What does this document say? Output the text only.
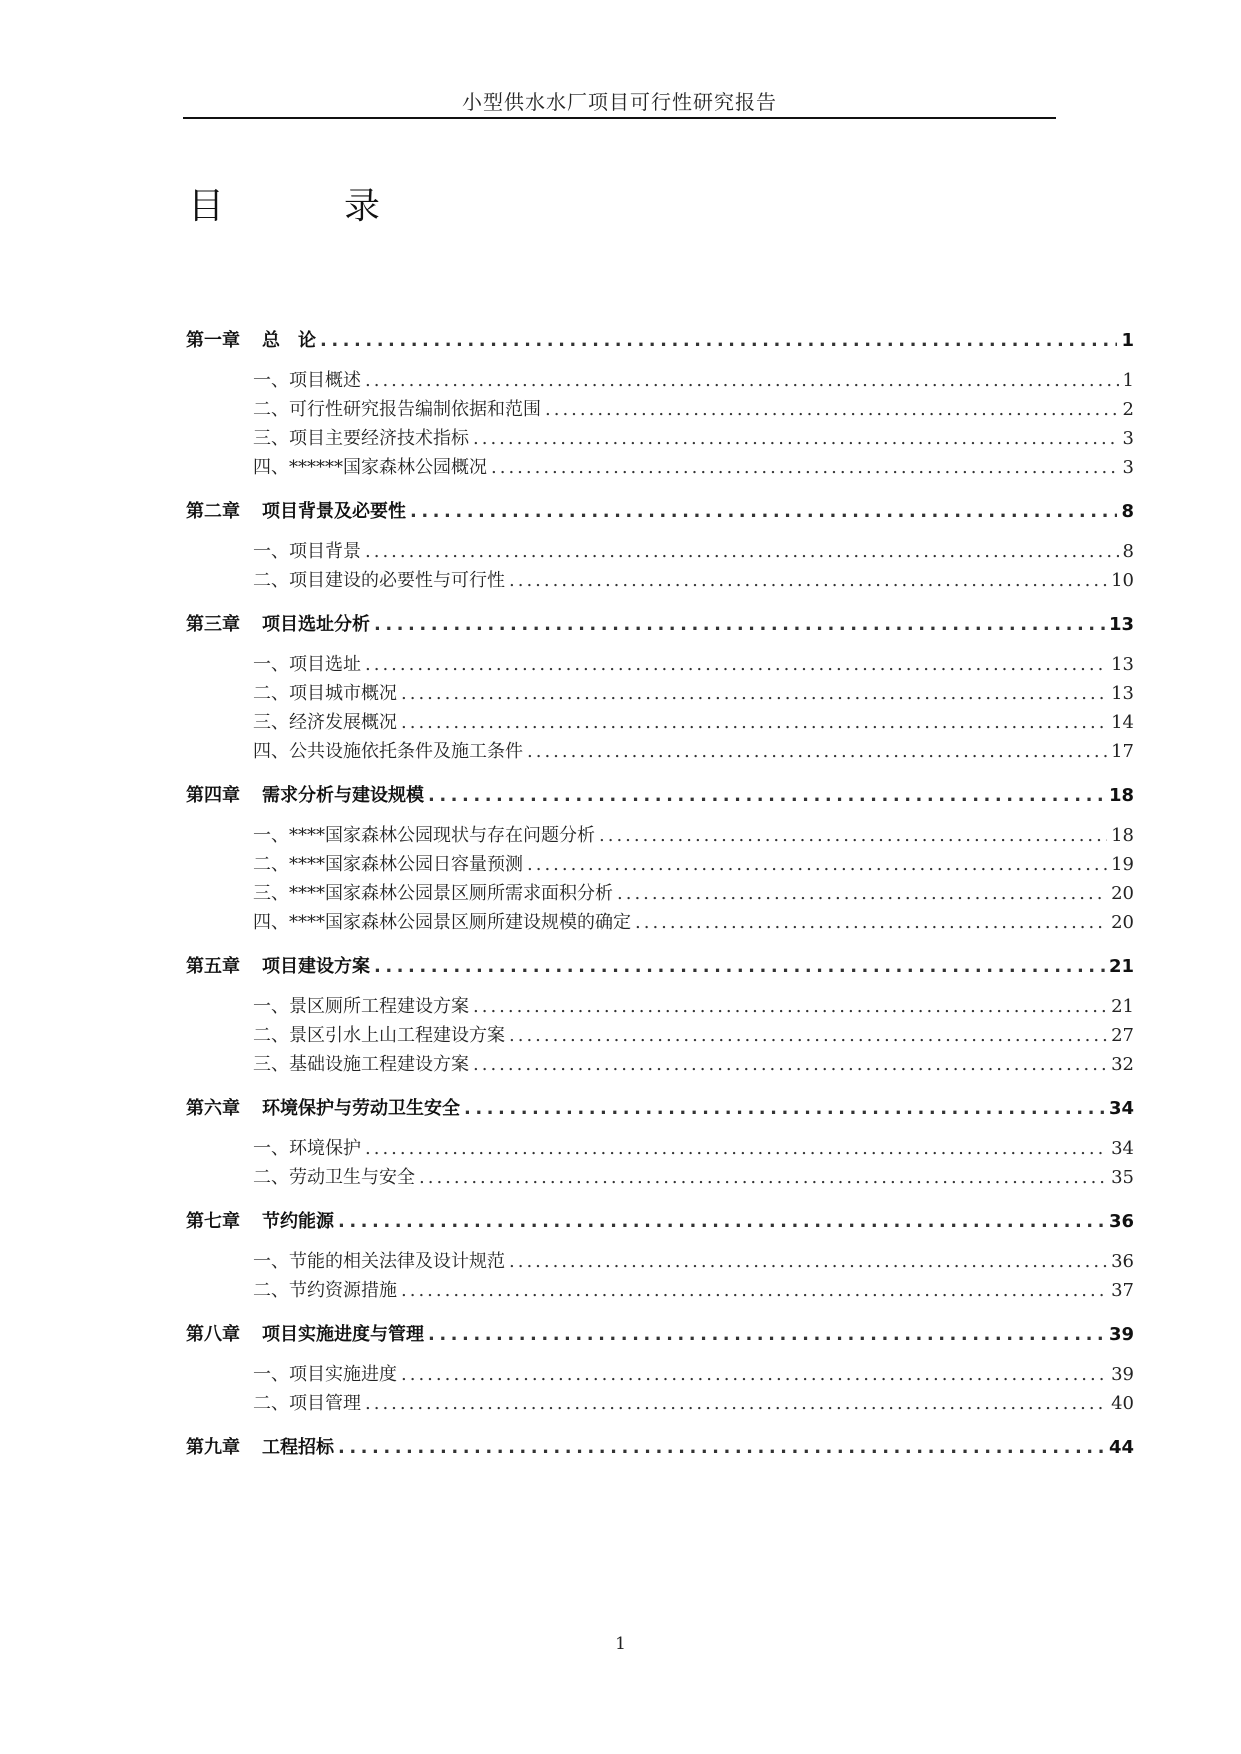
小型供水水厂项目可行性研究报告
目	录
第一章 总　论 .....	1
一、项目概述 .....	1
二、可行性研究报告编制依据和范围 .....	2
三、项目主要经济技术指标 .....	3
四、******国家森林公园概况 .....	3
第二章 项目背景及必要性 .....	8
一、项目背景 .....	8
二、项目建设的必要性与可行性 .....	10
第三章 项目选址分析 .....	13
一、项目选址 .....	13
二、项目城市概况 .....	13
三、经济发展概况 .....	14
四、公共设施依托条件及施工条件 .....	17
第四章 需求分析与建设规模 .....	18
一、****国家森林公园现状与存在问题分析 .....	18
二、****国家森林公园日容量预测 .....	19
三、****国家森林公园景区厕所需求面积分析 .....	20
四、****国家森林公园景区厕所建设规模的确定 .....	20
第五章 项目建设方案 .....	21
一、景区厕所工程建设方案 .....	21
二、景区引水上山工程建设方案 .....	27
三、基础设施工程建设方案 .....	32
第六章 环境保护与劳动卫生安全 .....	34
一、环境保护 .....	34
二、劳动卫生与安全 .....	35
第七章 节约能源 .....	36
一、节能的相关法律及设计规范 .....	36
二、节约资源措施 .....	37
第八章 项目实施进度与管理 .....	39
一、项目实施进度 .....	39
二、项目管理 .....	40
第九章 工程招标 .....	44
1
